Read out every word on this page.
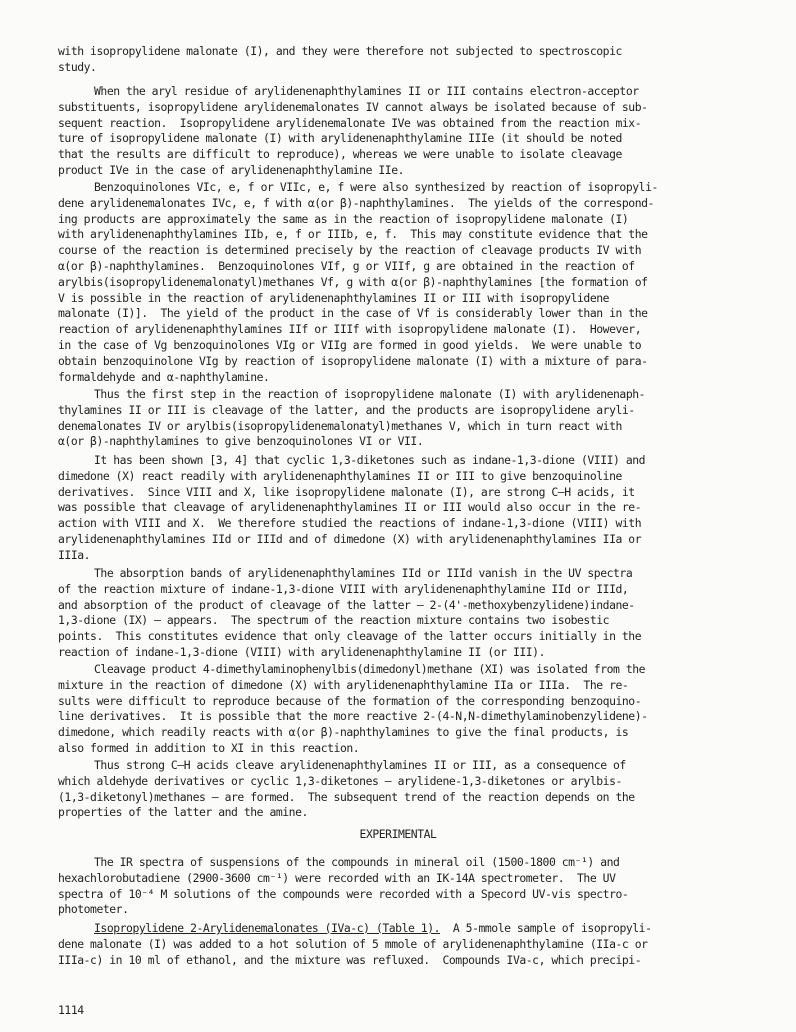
with isopropylidene malonate (I), and they were therefore not subjected to spectroscopic
study.
When the aryl residue of arylidenenaphthylamines II or III contains electron-acceptor
substituents, isopropylidene arylidenemalonates IV cannot always be isolated because of sub-
sequent reaction.  Isopropylidene arylidenemalonate IVe was obtained from the reaction mix-
ture of isopropylidene malonate (I) with arylidenenaphthylamine IIIe (it should be noted
that the results are difficult to reproduce), whereas we were unable to isolate cleavage
product IVe in the case of arylidenenaphthylamine IIe.
Benzoquinolones VIc, e, f or VIIc, e, f were also synthesized by reaction of isopropyli-
dene arylidenemalonates IVc, e, f with α(or β)-naphthylamines.  The yields of the correspond-
ing products are approximately the same as in the reaction of isopropylidene malonate (I)
with arylidenenaphthylamines IIb, e, f or IIIb, e, f.  This may constitute evidence that the
course of the reaction is determined precisely by the reaction of cleavage products IV with
α(or β)-naphthylamines.  Benzoquinolones VIf, g or VIIf, g are obtained in the reaction of
arylbis(isopropylidenemalonatyl)methanes Vf, g with α(or β)-naphthylamines [the formation of
V is possible in the reaction of arylidenenaphthylamines II or III with isopropylidene
malonate (I)].  The yield of the product in the case of Vf is considerably lower than in the
reaction of arylidenenaphthylamines IIf or IIIf with isopropylidene malonate (I).  However,
in the case of Vg benzoquinolones VIg or VIIg are formed in good yields.  We were unable to
obtain benzoquinolone VIg by reaction of isopropylidene malonate (I) with a mixture of para-
formaldehyde and α-naphthylamine.
Thus the first step in the reaction of isopropylidene malonate (I) with arylidenenaph-
thylamines II or III is cleavage of the latter, and the products are isopropylidene aryli-
denemalonates IV or arylbis(isopropylidenemalonatyl)methanes V, which in turn react with
α(or β)-naphthylamines to give benzoquinolones VI or VII.
It has been shown [3, 4] that cyclic 1,3-diketones such as indane-1,3-dione (VIII) and
dimedone (X) react readily with arylidenenaphthylamines II or III to give benzoquinoline
derivatives.  Since VIII and X, like isopropylidene malonate (I), are strong C—H acids, it
was possible that cleavage of arylidenenaphthylamines II or III would also occur in the re-
action with VIII and X.  We therefore studied the reactions of indane-1,3-dione (VIII) with
arylidenenaphthylamines IId or IIId and of dimedone (X) with arylidenenaphthylamines IIa or
IIIa.
The absorption bands of arylidenenaphthylamines IId or IIId vanish in the UV spectra
of the reaction mixture of indane-1,3-dione VIII with arylidenenaphthylamine IId or IIId,
and absorption of the product of cleavage of the latter — 2-(4'-methoxybenzylidene)indane-
1,3-dione (IX) — appears.  The spectrum of the reaction mixture contains two isobestic
points.  This constitutes evidence that only cleavage of the latter occurs initially in the
reaction of indane-1,3-dione (VIII) with arylidenenaphthylamine II (or III).
Cleavage product 4-dimethylaminophenylbis(dimedonyl)methane (XI) was isolated from the
mixture in the reaction of dimedone (X) with arylidenenaphthylamine IIa or IIIa.  The re-
sults were difficult to reproduce because of the formation of the corresponding benzoquino-
line derivatives.  It is possible that the more reactive 2-(4-N,N-dimethylaminobenzylidene)-
dimedone, which readily reacts with α(or β)-naphthylamines to give the final products, is
also formed in addition to XI in this reaction.
Thus strong C—H acids cleave arylidenenaphthylamines II or III, as a consequence of
which aldehyde derivatives or cyclic 1,3-diketones — arylidene-1,3-diketones or arylbis-
(1,3-diketonyl)methanes — are formed.  The subsequent trend of the reaction depends on the
properties of the latter and the amine.
EXPERIMENTAL
The IR spectra of suspensions of the compounds in mineral oil (1500-1800 cm⁻¹) and
hexachlorobutadiene (2900-3600 cm⁻¹) were recorded with an IK-14A spectrometer.  The UV
spectra of 10⁻⁴ M solutions of the compounds were recorded with a Specord UV-vis spectro-
photometer.
Isopropylidene 2-Arylidenemalonates (IVa-c) (Table 1).  A 5-mmole sample of isopropyli-
dene malonate (I) was added to a hot solution of 5 mmole of arylidenenaphthylamine (IIa-c or
IIIa-c) in 10 ml of ethanol, and the mixture was refluxed.  Compounds IVa-c, which precipi-
1114
